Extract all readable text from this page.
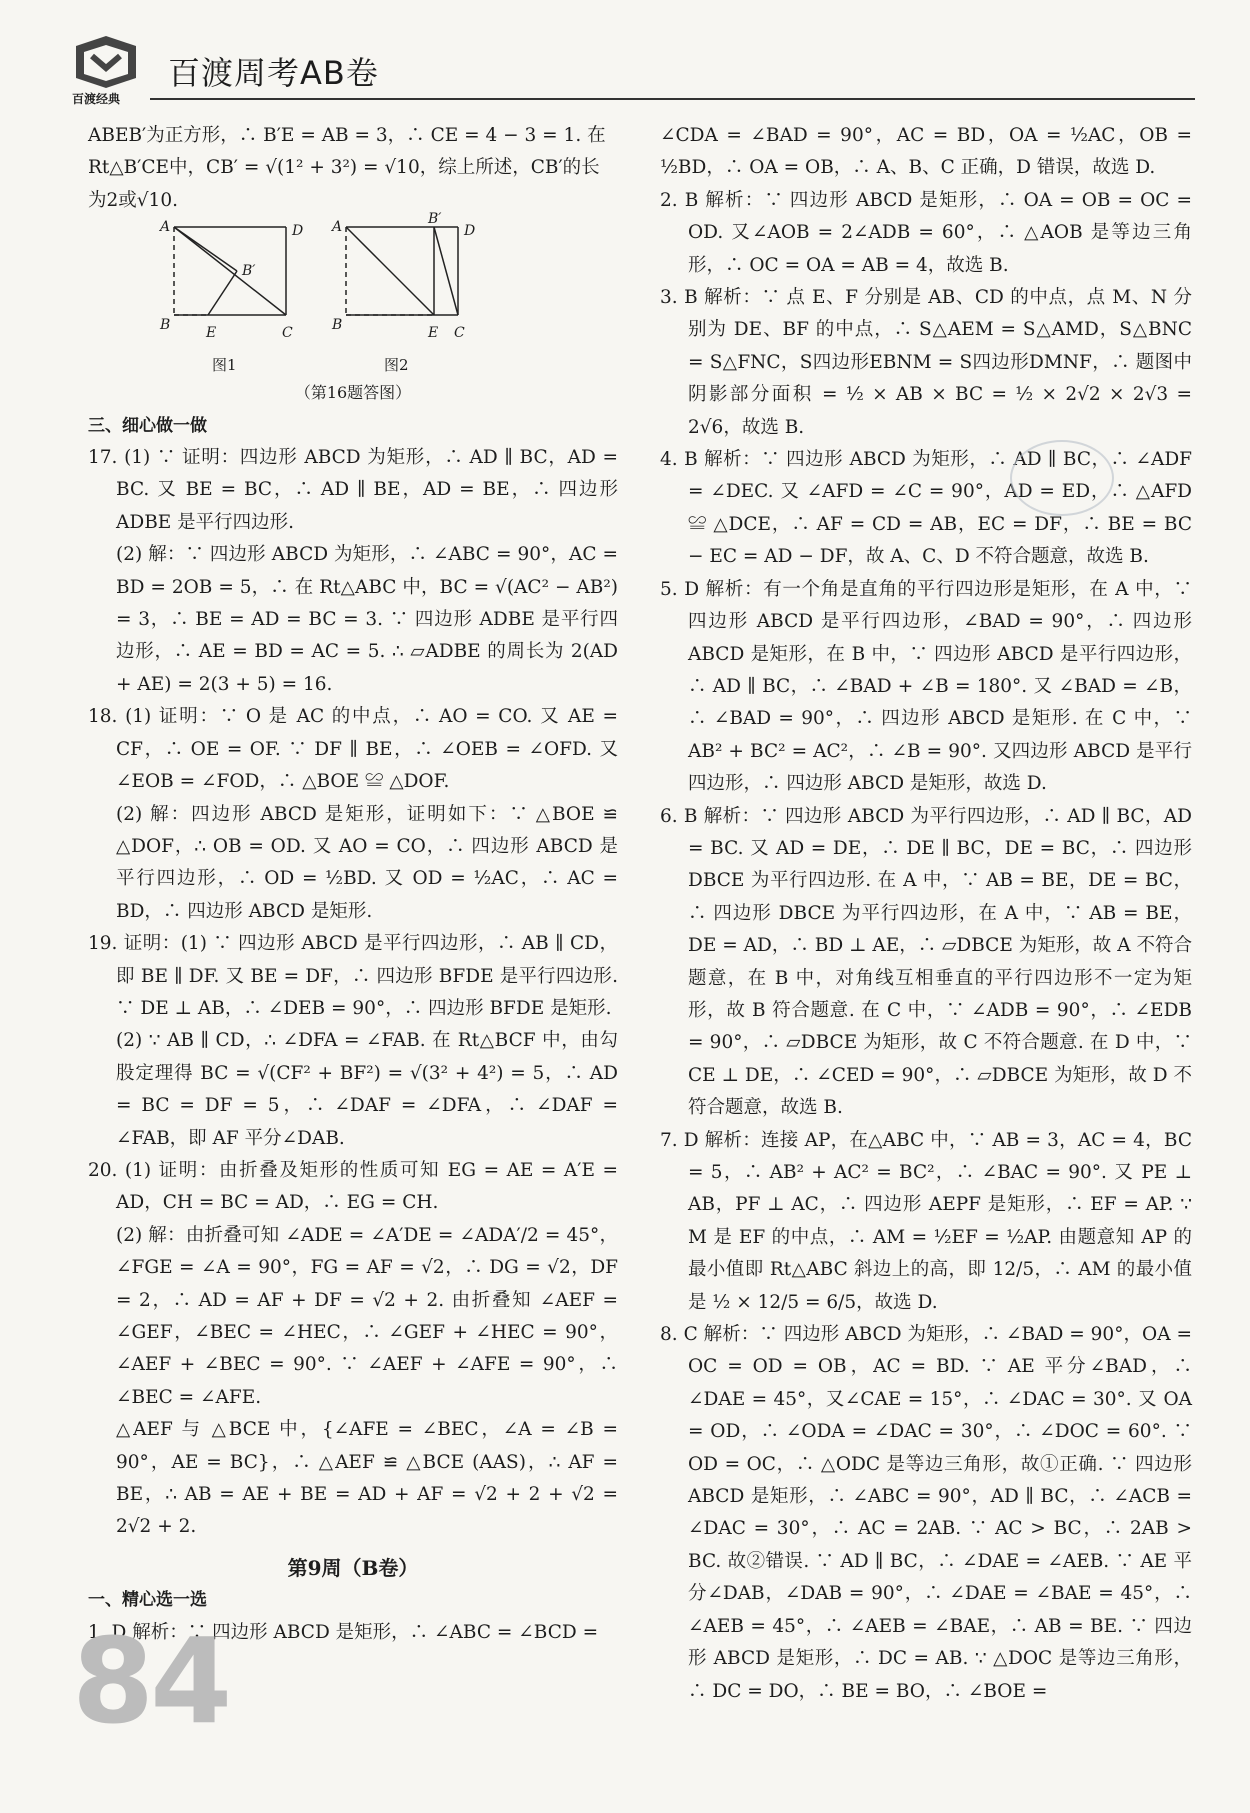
百渡经典
百渡周考AB卷

ABEB′为正方形，∴ B′E = AB = 3，∴ CE = 4 − 3 = 1. 在

Rt△B′CE中，CB′ = √(1² + 3²) = √10，综上所述，CB′的长

为2或√10.

A	D
B	E	C
B′
图1
A	B′
D
B	E C
图2

（第16题答图）

三、细心做一做

17. (1) ∵ 证明：四边形 ABCD 为矩形，∴ AD ∥ BC，AD = BC. 又 BE = BC，∴ AD ∥ BE，AD = BE，∴ 四边形 ADBE 是平行四边形.

(2) 解：∵ 四边形 ABCD 为矩形，∴ ∠ABC = 90°，AC = BD = 2OB = 5，∴ 在 Rt△ABC 中，BC = √(AC² − AB²) = 3，∴ BE = AD = BC = 3. ∵ 四边形 ADBE 是平行四边形，∴ AE = BD = AC = 5. ∴ ▱ADBE 的周长为 2(AD + AE) = 2(3 + 5) = 16.

18. (1) 证明：∵ O 是 AC 的中点，∴ AO = CO. 又 AE = CF，∴ OE = OF. ∵ DF ∥ BE，∴ ∠OEB = ∠OFD. 又 ∠EOB = ∠FOD，∴ △BOE ≌ △DOF.

(2) 解：四边形 ABCD 是矩形，证明如下：∵ △BOE ≌ △DOF，∴ OB = OD. 又 AO = CO，∴ 四边形 ABCD 是平行四边形，∴ OD = ½BD. 又 OD = ½AC，∴ AC = BD，∴ 四边形 ABCD 是矩形.

19. 证明：(1) ∵ 四边形 ABCD 是平行四边形，∴ AB ∥ CD，即 BE ∥ DF. 又 BE = DF，∴ 四边形 BFDE 是平行四边形. ∵ DE ⊥ AB，∴ ∠DEB = 90°，∴ 四边形 BFDE 是矩形.

(2) ∵ AB ∥ CD，∴ ∠DFA = ∠FAB. 在 Rt△BCF 中，由勾股定理得 BC = √(CF² + BF²) = √(3² + 4²) = 5，∴ AD = BC = DF = 5，∴ ∠DAF = ∠DFA，∴ ∠DAF = ∠FAB，即 AF 平分∠DAB.

20. (1) 证明：由折叠及矩形的性质可知 EG = AE = A′E = AD，CH = BC = AD，∴ EG = CH.

(2) 解：由折叠可知 ∠ADE = ∠A′DE = ∠ADA′/2 = 45°，∠FGE = ∠A = 90°，FG = AF = √2，∴ DG = √2，DF = 2，∴ AD = AF + DF = √2 + 2. 由折叠知 ∠AEF = ∠GEF，∠BEC = ∠HEC，∴ ∠GEF + ∠HEC = 90°，∠AEF + ∠BEC = 90°. ∵ ∠AEF + ∠AFE = 90°，∴ ∠BEC = ∠AFE.

△AEF 与 △BCE 中，{∠AFE = ∠BEC，∠A = ∠B = 90°，AE = BC}，∴ △AEF ≌ △BCE (AAS)，∴ AF = BE，∴ AB = AE + BE = AD + AF = √2 + 2 + √2 = 2√2 + 2.

第9周（B卷）

一、精心选一选

1. D 解析：∵ 四边形 ABCD 是矩形，∴ ∠ABC = ∠BCD =

∠CDA = ∠BAD = 90°，AC = BD，OA = ½AC，OB = ½BD，∴ OA = OB，∴ A、B、C 正确，D 错误，故选 D.

2. B 解析：∵ 四边形 ABCD 是矩形，∴ OA = OB = OC = OD. 又∠AOB = 2∠ADB = 60°，∴ △AOB 是等边三角形，∴ OC = OA = AB = 4，故选 B.

3. B 解析：∵ 点 E、F 分别是 AB、CD 的中点，点 M、N 分别为 DE、BF 的中点，∴ S△AEM = S△AMD，S△BNC = S△FNC，S四边形EBNM = S四边形DMNF，∴ 题图中阴影部分面积 = ½ × AB × BC = ½ × 2√2 × 2√3 = 2√6，故选 B.

4. B 解析：∵ 四边形 ABCD 为矩形，∴ AD ∥ BC，∴ ∠ADF = ∠DEC. 又 ∠AFD = ∠C = 90°，AD = ED，∴ △AFD ≌ △DCE，∴ AF = CD = AB，EC = DF，∴ BE = BC − EC = AD − DF，故 A、C、D 不符合题意，故选 B.

5. D 解析：有一个角是直角的平行四边形是矩形，在 A 中，∵ 四边形 ABCD 是平行四边形，∠BAD = 90°，∴ 四边形 ABCD 是矩形，在 B 中，∵ 四边形 ABCD 是平行四边形，∴ AD ∥ BC，∴ ∠BAD + ∠B = 180°. 又 ∠BAD = ∠B，∴ ∠BAD = 90°，∴ 四边形 ABCD 是矩形. 在 C 中，∵ AB² + BC² = AC²，∴ ∠B = 90°. 又四边形 ABCD 是平行四边形，∴ 四边形 ABCD 是矩形，故选 D.

6. B 解析：∵ 四边形 ABCD 为平行四边形，∴ AD ∥ BC，AD = BC. 又 AD = DE，∴ DE ∥ BC，DE = BC，∴ 四边形 DBCE 为平行四边形. 在 A 中，∵ AB = BE，DE = BC，∴ 四边形 DBCE 为平行四边形，在 A 中，∵ AB = BE，DE = AD，∴ BD ⊥ AE，∴ ▱DBCE 为矩形，故 A 不符合题意，在 B 中，对角线互相垂直的平行四边形不一定为矩形，故 B 符合题意. 在 C 中，∵ ∠ADB = 90°，∴ ∠EDB = 90°，∴ ▱DBCE 为矩形，故 C 不符合题意. 在 D 中，∵ CE ⊥ DE，∴ ∠CED = 90°，∴ ▱DBCE 为矩形，故 D 不符合题意，故选 B.

7. D 解析：连接 AP，在△ABC 中，∵ AB = 3，AC = 4，BC = 5，∴ AB² + AC² = BC²，∴ ∠BAC = 90°. 又 PE ⊥ AB，PF ⊥ AC，∴ 四边形 AEPF 是矩形，∴ EF = AP. ∵ M 是 EF 的中点，∴ AM = ½EF = ½AP. 由题意知 AP 的最小值即 Rt△ABC 斜边上的高，即 12/5，∴ AM 的最小值是 ½ × 12/5 = 6/5，故选 D.

8. C 解析：∵ 四边形 ABCD 为矩形，∴ ∠BAD = 90°，OA = OC = OD = OB，AC = BD. ∵ AE 平分∠BAD，∴ ∠DAE = 45°，又∠CAE = 15°，∴ ∠DAC = 30°. 又 OA = OD，∴ ∠ODA = ∠DAC = 30°，∴ ∠DOC = 60°. ∵ OD = OC，∴ △ODC 是等边三角形，故①正确. ∵ 四边形 ABCD 是矩形，∴ ∠ABC = 90°，AD ∥ BC，∴ ∠ACB = ∠DAC = 30°，∴ AC = 2AB. ∵ AC > BC，∴ 2AB > BC. 故②错误. ∵ AD ∥ BC，∴ ∠DAE = ∠AEB. ∵ AE 平分∠DAB，∠DAB = 90°，∴ ∠DAE = ∠BAE = 45°，∴ ∠AEB = 45°，∴ ∠AEB = ∠BAE，∴ AB = BE. ∵ 四边形 ABCD 是矩形，∴ DC = AB. ∵ △DOC 是等边三角形，∴ DC = DO，∴ BE = BO，∴ ∠BOE =

84
